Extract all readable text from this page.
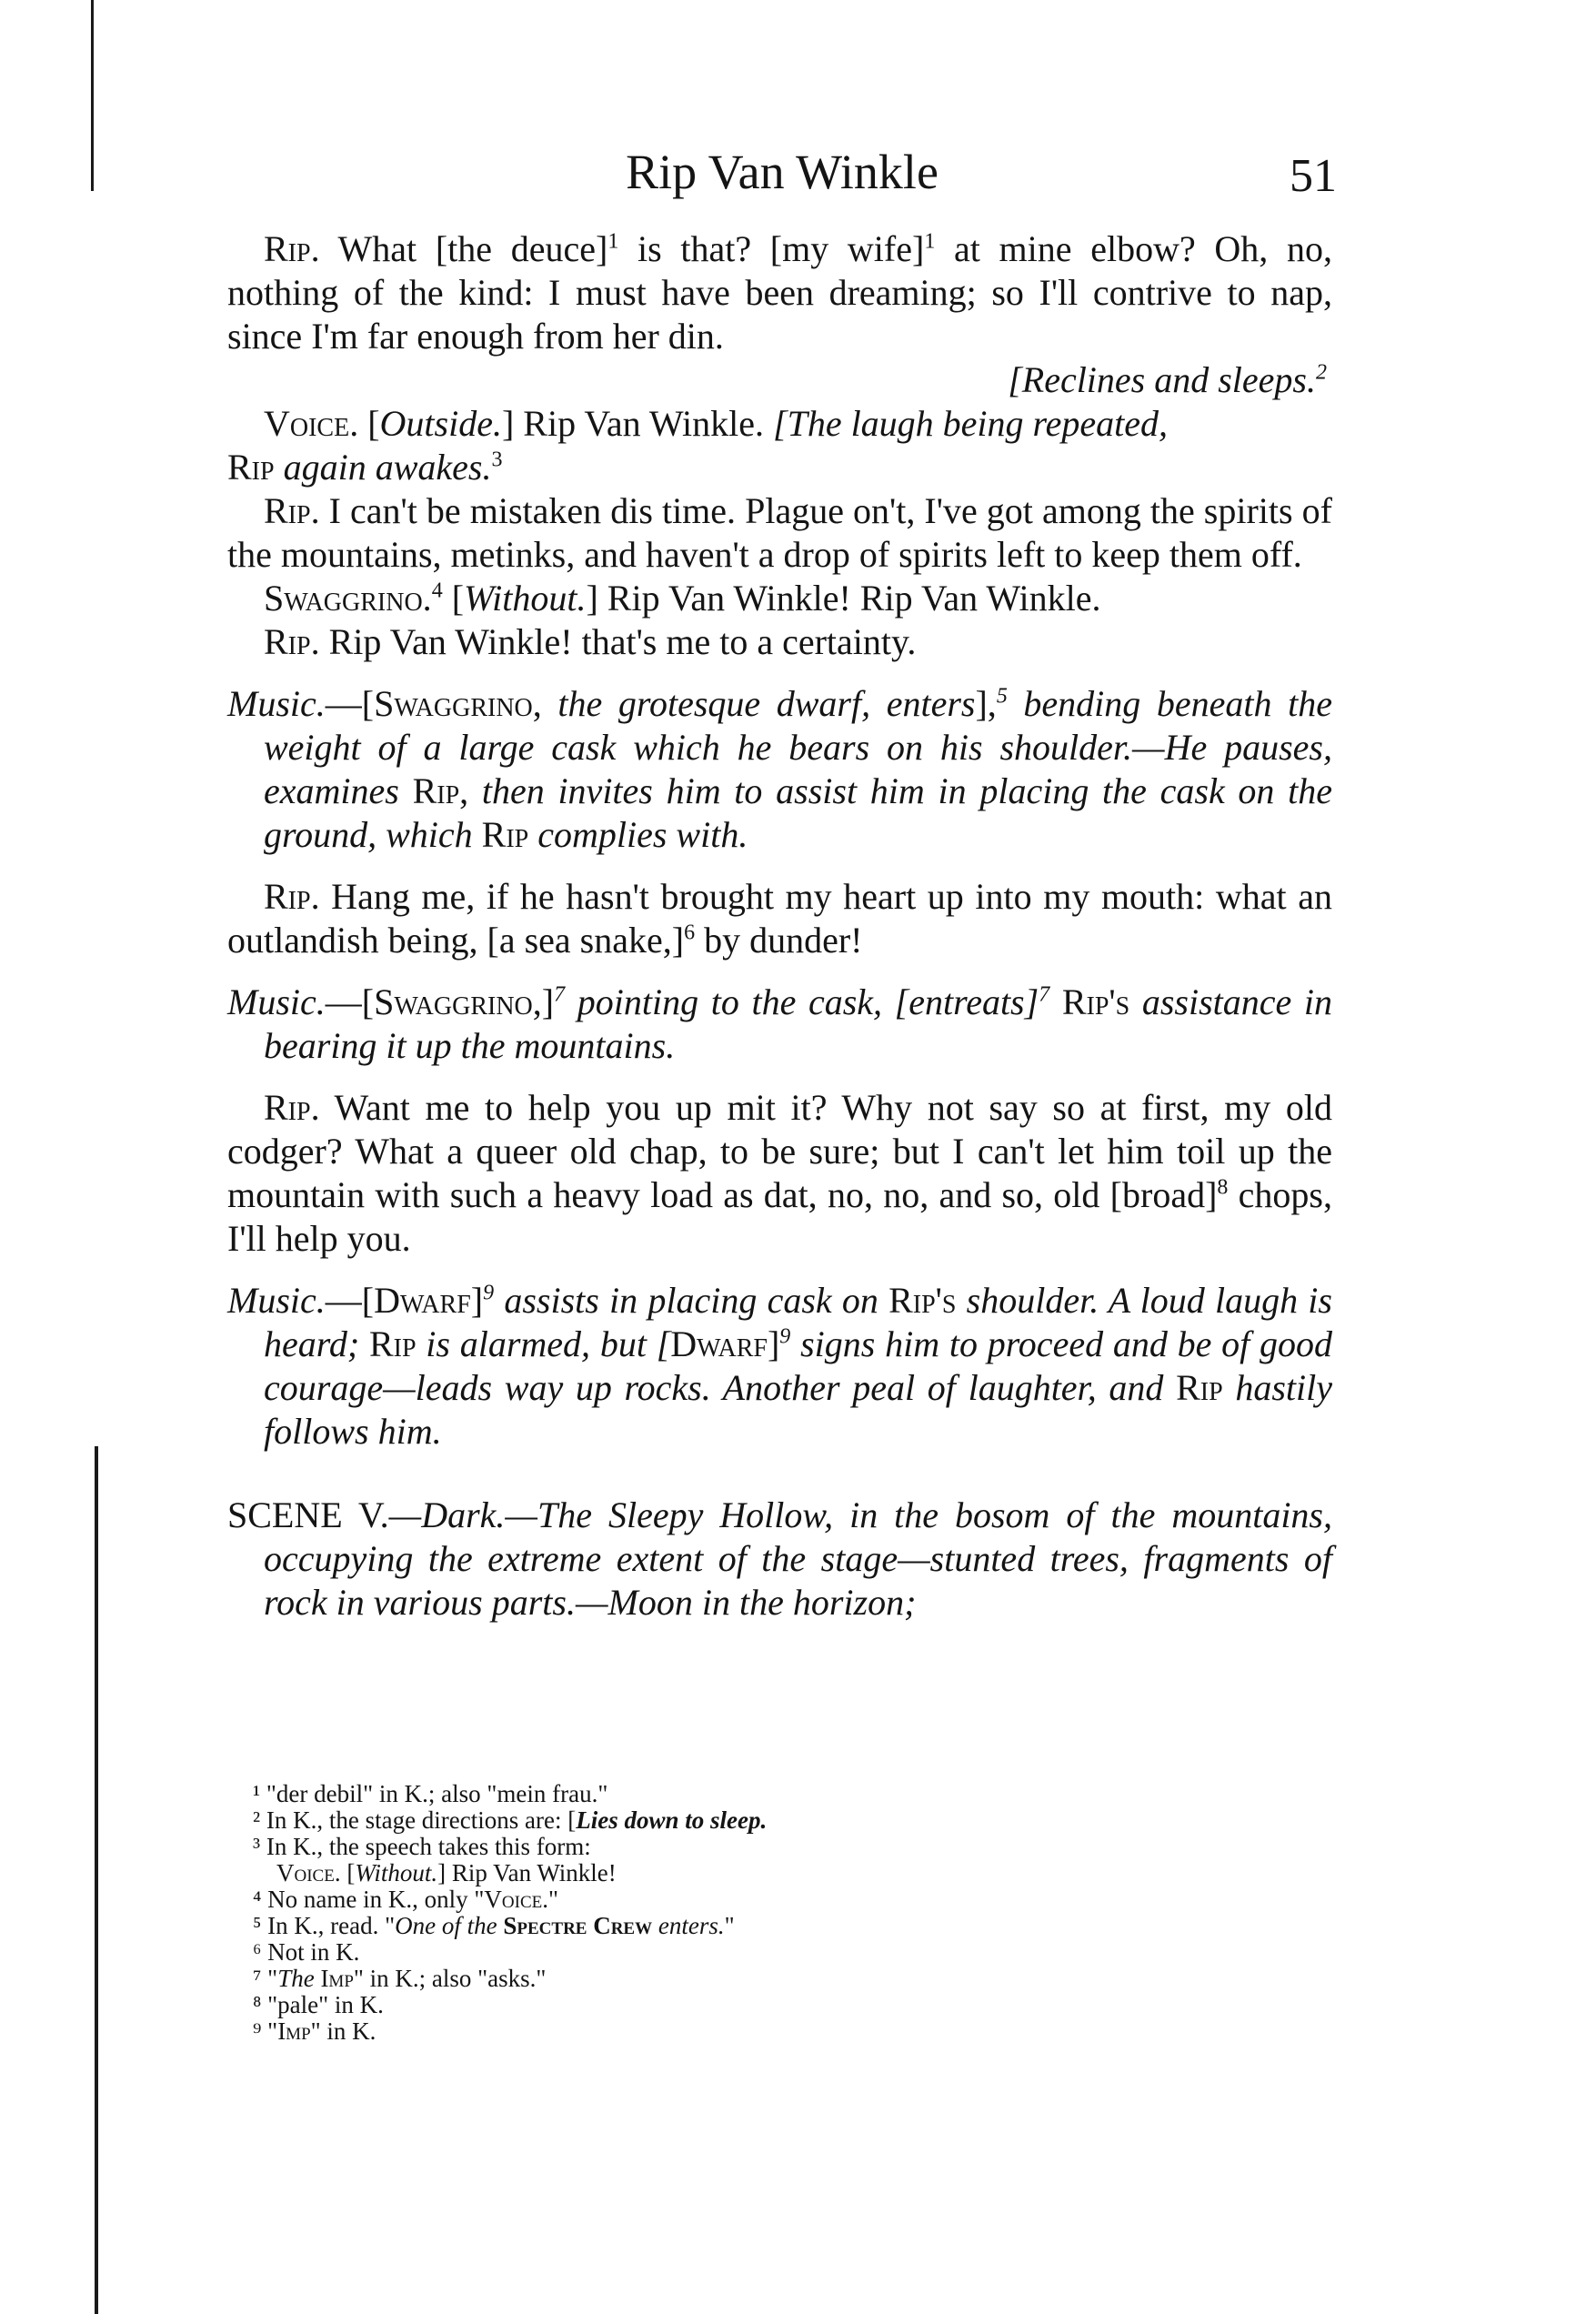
Rip Van Winkle	51

Rip. What [the deuce]$^1$ is that? [my wife]$^1$ at mine elbow? Oh, no, nothing of the kind: I must have been dreaming; so I'll contrive to nap, since I'm far enough from her din.

[Reclines and sleeps.$^2$

Voice. [Outside.] Rip Van Winkle. [The laugh being repeated,
Rip again awakes.$^3$

Rip. I can't be mistaken dis time. Plague on't, I've got among the spirits of the mountains, metinks, and haven't a drop of spirits left to keep them off.

Swaggrino.$^4$ [Without.] Rip Van Winkle! Rip Van Winkle.

Rip. Rip Van Winkle! that's me to a certainty.

Music.—[Swaggrino, the grotesque dwarf, enters],$^5$ bending beneath the weight of a large cask which he bears on his shoulder.—He pauses, examines Rip, then invites him to assist him in placing the cask on the ground, which Rip complies with.

Rip. Hang me, if he hasn't brought my heart up into my mouth: what an outlandish being, [a sea snake,]$^6$ by dunder!

Music.—[Swaggrino,]$^7$ pointing to the cask, [entreats]$^7$ Rip's assistance in bearing it up the mountains.

Rip. Want me to help you up mit it? Why not say so at first, my old codger? What a queer old chap, to be sure; but I can't let him toil up the mountain with such a heavy load as dat, no, no, and so, old [broad]$^8$ chops, I'll help you.

Music.—[Dwarf]$^9$ assists in placing cask on Rip's shoulder. A loud laugh is heard; Rip is alarmed, but [Dwarf]$^9$ signs him to proceed and be of good courage—leads way up rocks. Another peal of laughter, and Rip hastily follows him.

SCENE V.—Dark.—The Sleepy Hollow, in the bosom of the mountains, occupying the extreme extent of the stage—stunted trees, fragments of rock in various parts.—Moon in the horizon;

¹ "der debil" in K.; also "mein frau."
² In K., the stage directions are: [Lies down to sleep.
³ In K., the speech takes this form:
Voice. [Without.] Rip Van Winkle!
⁴ No name in K., only "Voice."
⁵ In K., read. "One of the Spectre Crew enters."
⁶ Not in K.
⁷ "The Imp" in K.; also "asks."
⁸ "pale" in K.
⁹ "Imp" in K.
